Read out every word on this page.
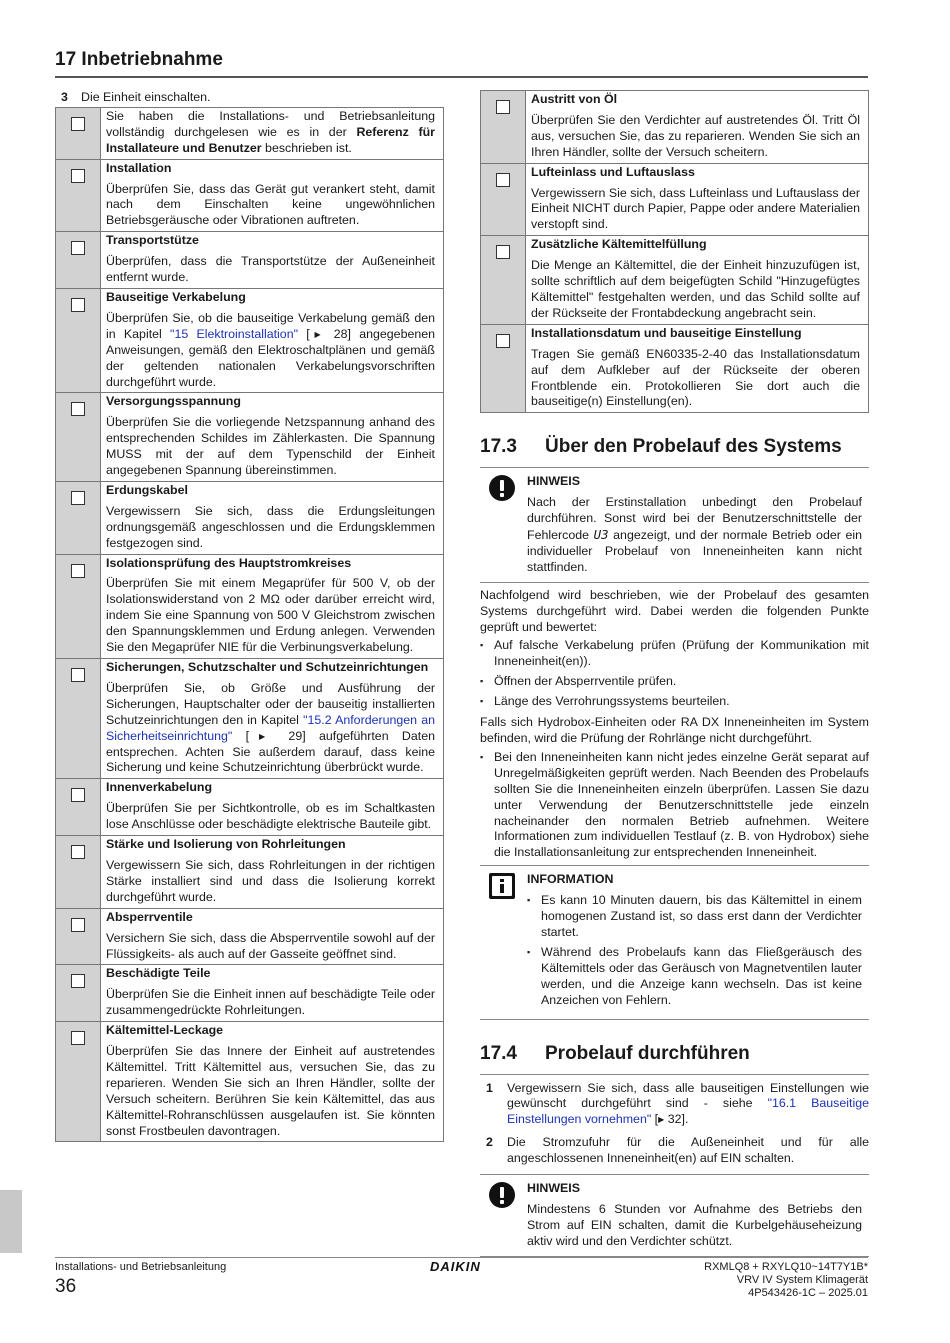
17 Inbetriebnahme
3	Die Einheit einschalten.

	Sie haben die Installations- und Betriebsanleitung vollständig durchgelesen wie es in der Referenz für Installateure und Benutzer beschrieben ist.

	Installation
Überprüfen Sie, dass das Gerät gut verankert steht, damit nach dem Einschalten keine ungewöhnlichen Betriebsgeräusche oder Vibrationen auftreten.

	Transportstütze
Überprüfen, dass die Transportstütze der Außeneinheit entfernt wurde.

	Bauseitige Verkabelung
Überprüfen Sie, ob die bauseitige Verkabelung gemäß den in Kapitel "15 Elektroinstallation" [▶ 28] angegebenen Anweisungen, gemäß den Elektroschaltplänen und gemäß der geltenden nationalen Verkabelungsvorschriften durchgeführt wurde.

	Versorgungsspannung
Überprüfen Sie die vorliegende Netzspannung anhand des entsprechenden Schildes im Zählerkasten. Die Spannung MUSS mit der auf dem Typenschild der Einheit angegebenen Spannung übereinstimmen.

	Erdungskabel
Vergewissern Sie sich, dass die Erdungsleitungen ordnungsgemäß angeschlossen und die Erdungsklemmen festgezogen sind.

	Isolationsprüfung des Hauptstromkreises
Überprüfen Sie mit einem Megaprüfer für 500 V, ob der Isolationswiderstand von 2 MΩ oder darüber erreicht wird, indem Sie eine Spannung von 500 V Gleichstrom zwischen den Spannungsklemmen und Erdung anlegen. Verwenden Sie den Megaprüfer NIE für die Verbinungsverkabelung.

	Sicherungen, Schutzschalter und Schutzeinrichtungen
Überprüfen Sie, ob Größe und Ausführung der Sicherungen, Hauptschalter oder der bauseitig installierten Schutzeinrichtungen den in Kapitel "15.2 Anforderungen an Sicherheitseinrichtung" [▶ 29] aufgeführten Daten entsprechen. Achten Sie außerdem darauf, dass keine Sicherung und keine Schutzeinrichtung überbrückt wurde.

	Innenverkabelung
Überprüfen Sie per Sichtkontrolle, ob es im Schaltkasten lose Anschlüsse oder beschädigte elektrische Bauteile gibt.

	Stärke und Isolierung von Rohrleitungen
Vergewissern Sie sich, dass Rohrleitungen in der richtigen Stärke installiert sind und dass die Isolierung korrekt durchgeführt wurde.

	Absperrventile
Versichern Sie sich, dass die Absperrventile sowohl auf der Flüssigkeits- als auch auf der Gasseite geöffnet sind.

	Beschädigte Teile
Überprüfen Sie die Einheit innen auf beschädigte Teile oder zusammengedrückte Rohrleitungen.

	Kältemittel-Leckage
Überprüfen Sie das Innere der Einheit auf austretendes Kältemittel. Tritt Kältemittel aus, versuchen Sie, das zu reparieren. Wenden Sie sich an Ihren Händler, sollte der Versuch scheitern. Berühren Sie kein Kältemittel, das aus Kältemittel-Rohranschlüssen ausgelaufen ist. Sie könnten sonst Frostbeulen davontragen.

	Austritt von Öl
Überprüfen Sie den Verdichter auf austretendes Öl. Tritt Öl aus, versuchen Sie, das zu reparieren. Wenden Sie sich an Ihren Händler, sollte der Versuch scheitern.

	Lufteinlass und Luftauslass
Vergewissern Sie sich, dass Lufteinlass und Luftauslass der Einheit NICHT durch Papier, Pappe oder andere Materialien verstopft sind.

	Zusätzliche Kältemittelfüllung
Die Menge an Kältemittel, die der Einheit hinzuzufügen ist, sollte schriftlich auf dem beigefügten Schild "Hinzugefügtes Kältemittel" festgehalten werden, und das Schild sollte auf der Rückseite der Frontabdeckung angebracht sein.

	Installationsdatum und bauseitige Einstellung
Tragen Sie gemäß EN60335-2-40 das Installationsdatum auf dem Aufkleber auf der Rückseite der oberen Frontblende ein. Protokollieren Sie dort auch die bauseitige(n) Einstellung(en).
17.3	Über den Probelauf des Systems
HINWEIS
Nach der Erstinstallation unbedingt den Probelauf durchführen. Sonst wird bei der Benutzerschnittstelle der Fehlercode U3 angezeigt, und der normale Betrieb oder ein individueller Probelauf von Inneneinheiten kann nicht stattfinden.
Nachfolgend wird beschrieben, wie der Probelauf des gesamten Systems durchgeführt wird. Dabei werden die folgenden Punkte geprüft und bewertet:
▪ Auf falsche Verkabelung prüfen (Prüfung der Kommunikation mit Inneneinheit(en)).
▪ Öffnen der Absperrventile prüfen.
▪ Länge des Verrohrungssystems beurteilen.
Falls sich Hydrobox-Einheiten oder RA DX Inneneinheiten im System befinden, wird die Prüfung der Rohrlänge nicht durchgeführt.
▪ Bei den Inneneinheiten kann nicht jedes einzelne Gerät separat auf Unregelmäßigkeiten geprüft werden. Nach Beenden des Probelaufs sollten Sie die Inneneinheiten einzeln überprüfen. Lassen Sie dazu unter Verwendung der Benutzerschnittstelle jede einzeln nacheinander den normalen Betrieb aufnehmen. Weitere Informationen zum individuellen Testlauf (z. B. von Hydrobox) siehe die Installationsanleitung zur entsprechenden Inneneinheit.
INFORMATION
▪ Es kann 10 Minuten dauern, bis das Kältemittel in einem homogenen Zustand ist, so dass erst dann der Verdichter startet.
▪ Während des Probelaufs kann das Fließgeräusch des Kältemittels oder das Geräusch von Magnetventilen lauter werden, und die Anzeige kann wechseln. Das ist keine Anzeichen von Fehlern.
17.4	Probelauf durchführen
1	Vergewissern Sie sich, dass alle bauseitigen Einstellungen wie gewünscht durchgeführt sind - siehe "16.1 Bauseitige Einstellungen vornehmen" [▶ 32].
2	Die Stromzufuhr für die Außeneinheit und für alle angeschlossenen Inneneinheit(en) auf EIN schalten.
HINWEIS
Mindestens 6 Stunden vor Aufnahme des Betriebs den Strom auf EIN schalten, damit die Kurbelgehäuseheizung aktiv wird und den Verdichter schützt.
Installations- und Betriebsanleitung
36
DAIKIN	RXMLQ8 + RXYLQ10~14T7Y1B*
VRV IV System Klimagerät
4P543426-1C – 2025.01
